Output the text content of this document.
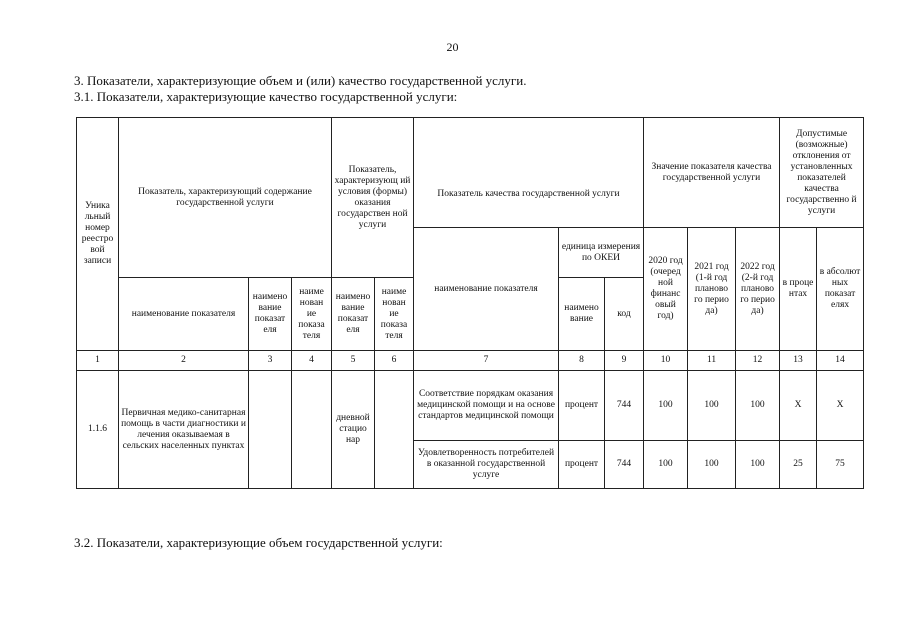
20
3. Показатели, характеризующие объем и (или) качество государственной услуги.
3.1. Показатели, характеризующие качество государственной услуги:
Уника льный номер реестро вой записи	Показатель, характеризующий содержание государственной услуги			Показатель, характеризующ ий условия (формы) оказания государствен ной услуги		Показатель качества государственной услуги			Значение показателя качества государственной услуги			Допустимые (возможные) отклонения от установленных показателей качества государственно й услуги	
						наименование показателя	единица измерения по ОКЕИ		2020 год (очеред ной финанс овый год)	2021 год (1-й год планово го перио да)	2022 год (2-й год планово го перио да)	в проце нтах	в абсолют ных показат елях
	наименование показателя	наимено вание показат еля	наиме нован ие показа теля	наимено вание показат еля	наиме нован ие показа теля		наимено вание	код					
1	2	3	4	5	6	7	8	9	10	11	12	13	14
1.1.6	Первичная медико-санитарная помощь в части диагностики и лечения оказываемая в сельских населенных пунктах			дневной стацио нар		Соответствие порядкам оказания медицинской помощи и на основе стандартов медицинской помощи	процент	744	100	100	100	Х	Х
						Удовлетворенность потребителей в оказанной государственной услуге	процент	744	100	100	100	25	75
3.2. Показатели, характеризующие объем государственной услуги:
